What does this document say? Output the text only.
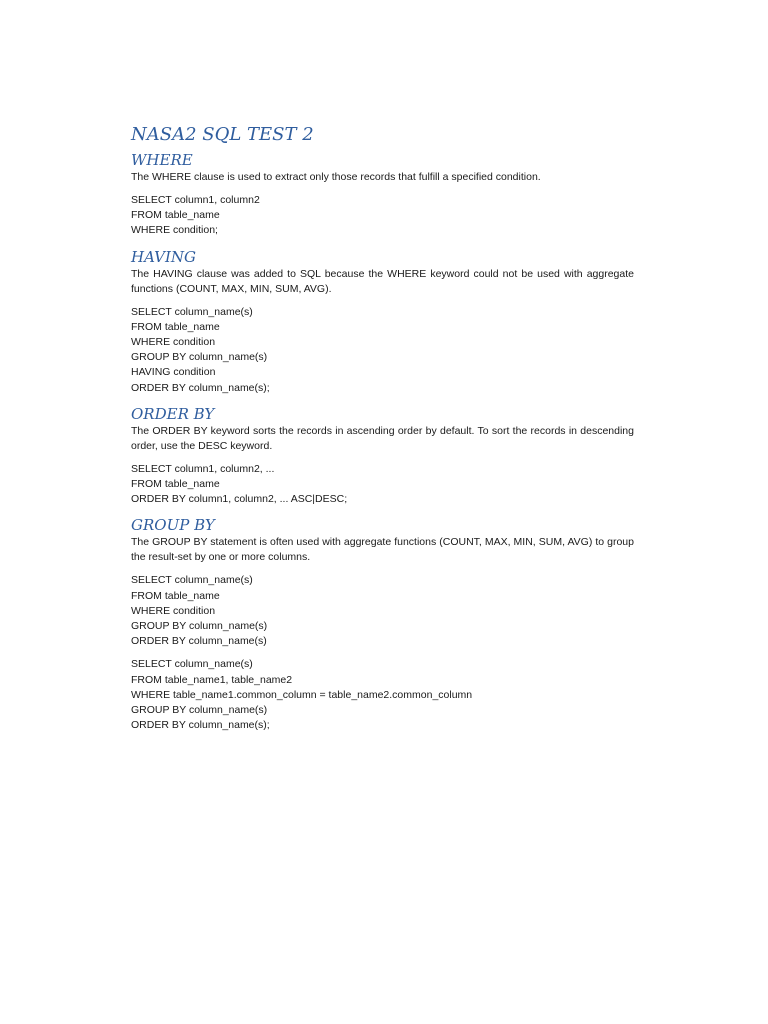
NASA2 SQL TEST 2
WHERE

The WHERE clause is used to extract only those records that fulfill a specified condition.

SELECT column1, column2
FROM table_name
WHERE condition;
HAVING

The HAVING clause was added to SQL because the WHERE keyword could not be used with aggregate functions (COUNT, MAX, MIN, SUM, AVG).

SELECT column_name(s)
FROM table_name
WHERE condition
GROUP BY column_name(s)
HAVING condition
ORDER BY column_name(s);
ORDER BY

The ORDER BY keyword sorts the records in ascending order by default. To sort the records in descending order, use the DESC keyword.

SELECT column1, column2, ...
FROM table_name
ORDER BY column1, column2, ... ASC|DESC;
GROUP BY

The GROUP BY statement is often used with aggregate functions (COUNT, MAX, MIN, SUM, AVG) to group the result-set by one or more columns.

SELECT column_name(s)
FROM table_name
WHERE condition
GROUP BY column_name(s)
ORDER BY column_name(s)
SELECT column_name(s)
FROM table_name1, table_name2
WHERE table_name1.common_column = table_name2.common_column
GROUP BY column_name(s)
ORDER BY column_name(s);
